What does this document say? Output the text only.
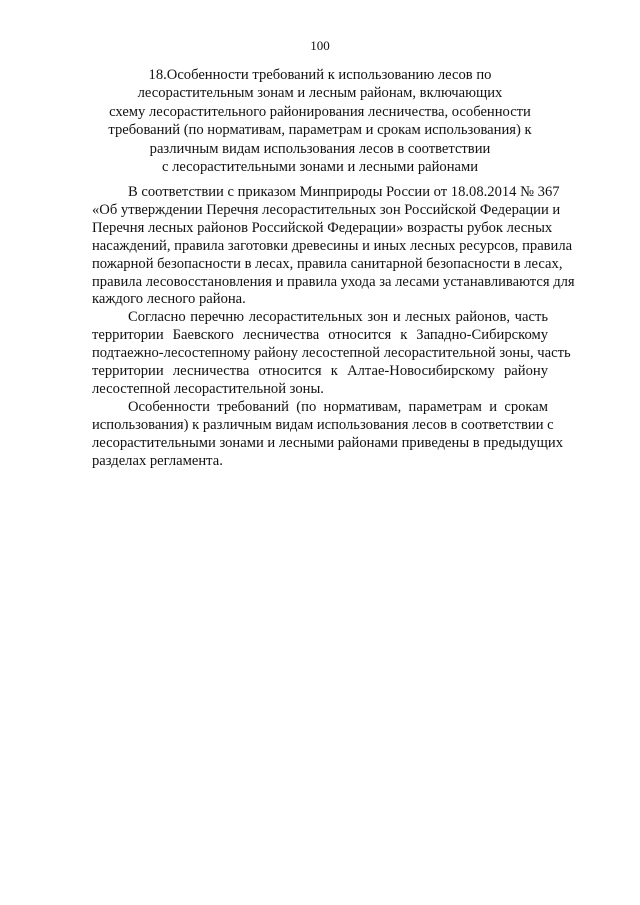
100
18.Особенности требований к использованию лесов по
лесорастительным зонам и лесным районам, включающих
схему лесорастительного районирования лесничества, особенности
требований (по нормативам, параметрам и срокам использования) к
различным видам использования лесов в соответствии
с лесорастительными зонами и лесными районами

В соответствии с приказом Минприроды России от 18.08.2014 № 367
«Об утверждении Перечня лесорастительных зон Российской Федерации и
Перечня лесных районов Российской Федерации» возрасты рубок лесных
насаждений, правила заготовки древесины и иных лесных ресурсов, правила
пожарной безопасности в лесах, правила санитарной безопасности в лесах,
правила лесовосстановления и правила ухода за лесами устанавливаются для
каждого лесного района.

Согласно перечню лесорастительных зон и лесных районов, часть
территории Баевского лесничества относится к Западно-Сибирскому
подтаежно-лесостепному району лесостепной лесорастительной зоны, часть
территории лесничества относится к Алтае-Новосибирскому району
лесостепной лесорастительной зоны.

Особенности требований (по нормативам, параметрам и срокам
использования) к различным видам использования лесов в соответствии с
лесорастительными зонами и лесными районами приведены в предыдущих
разделах регламента.
